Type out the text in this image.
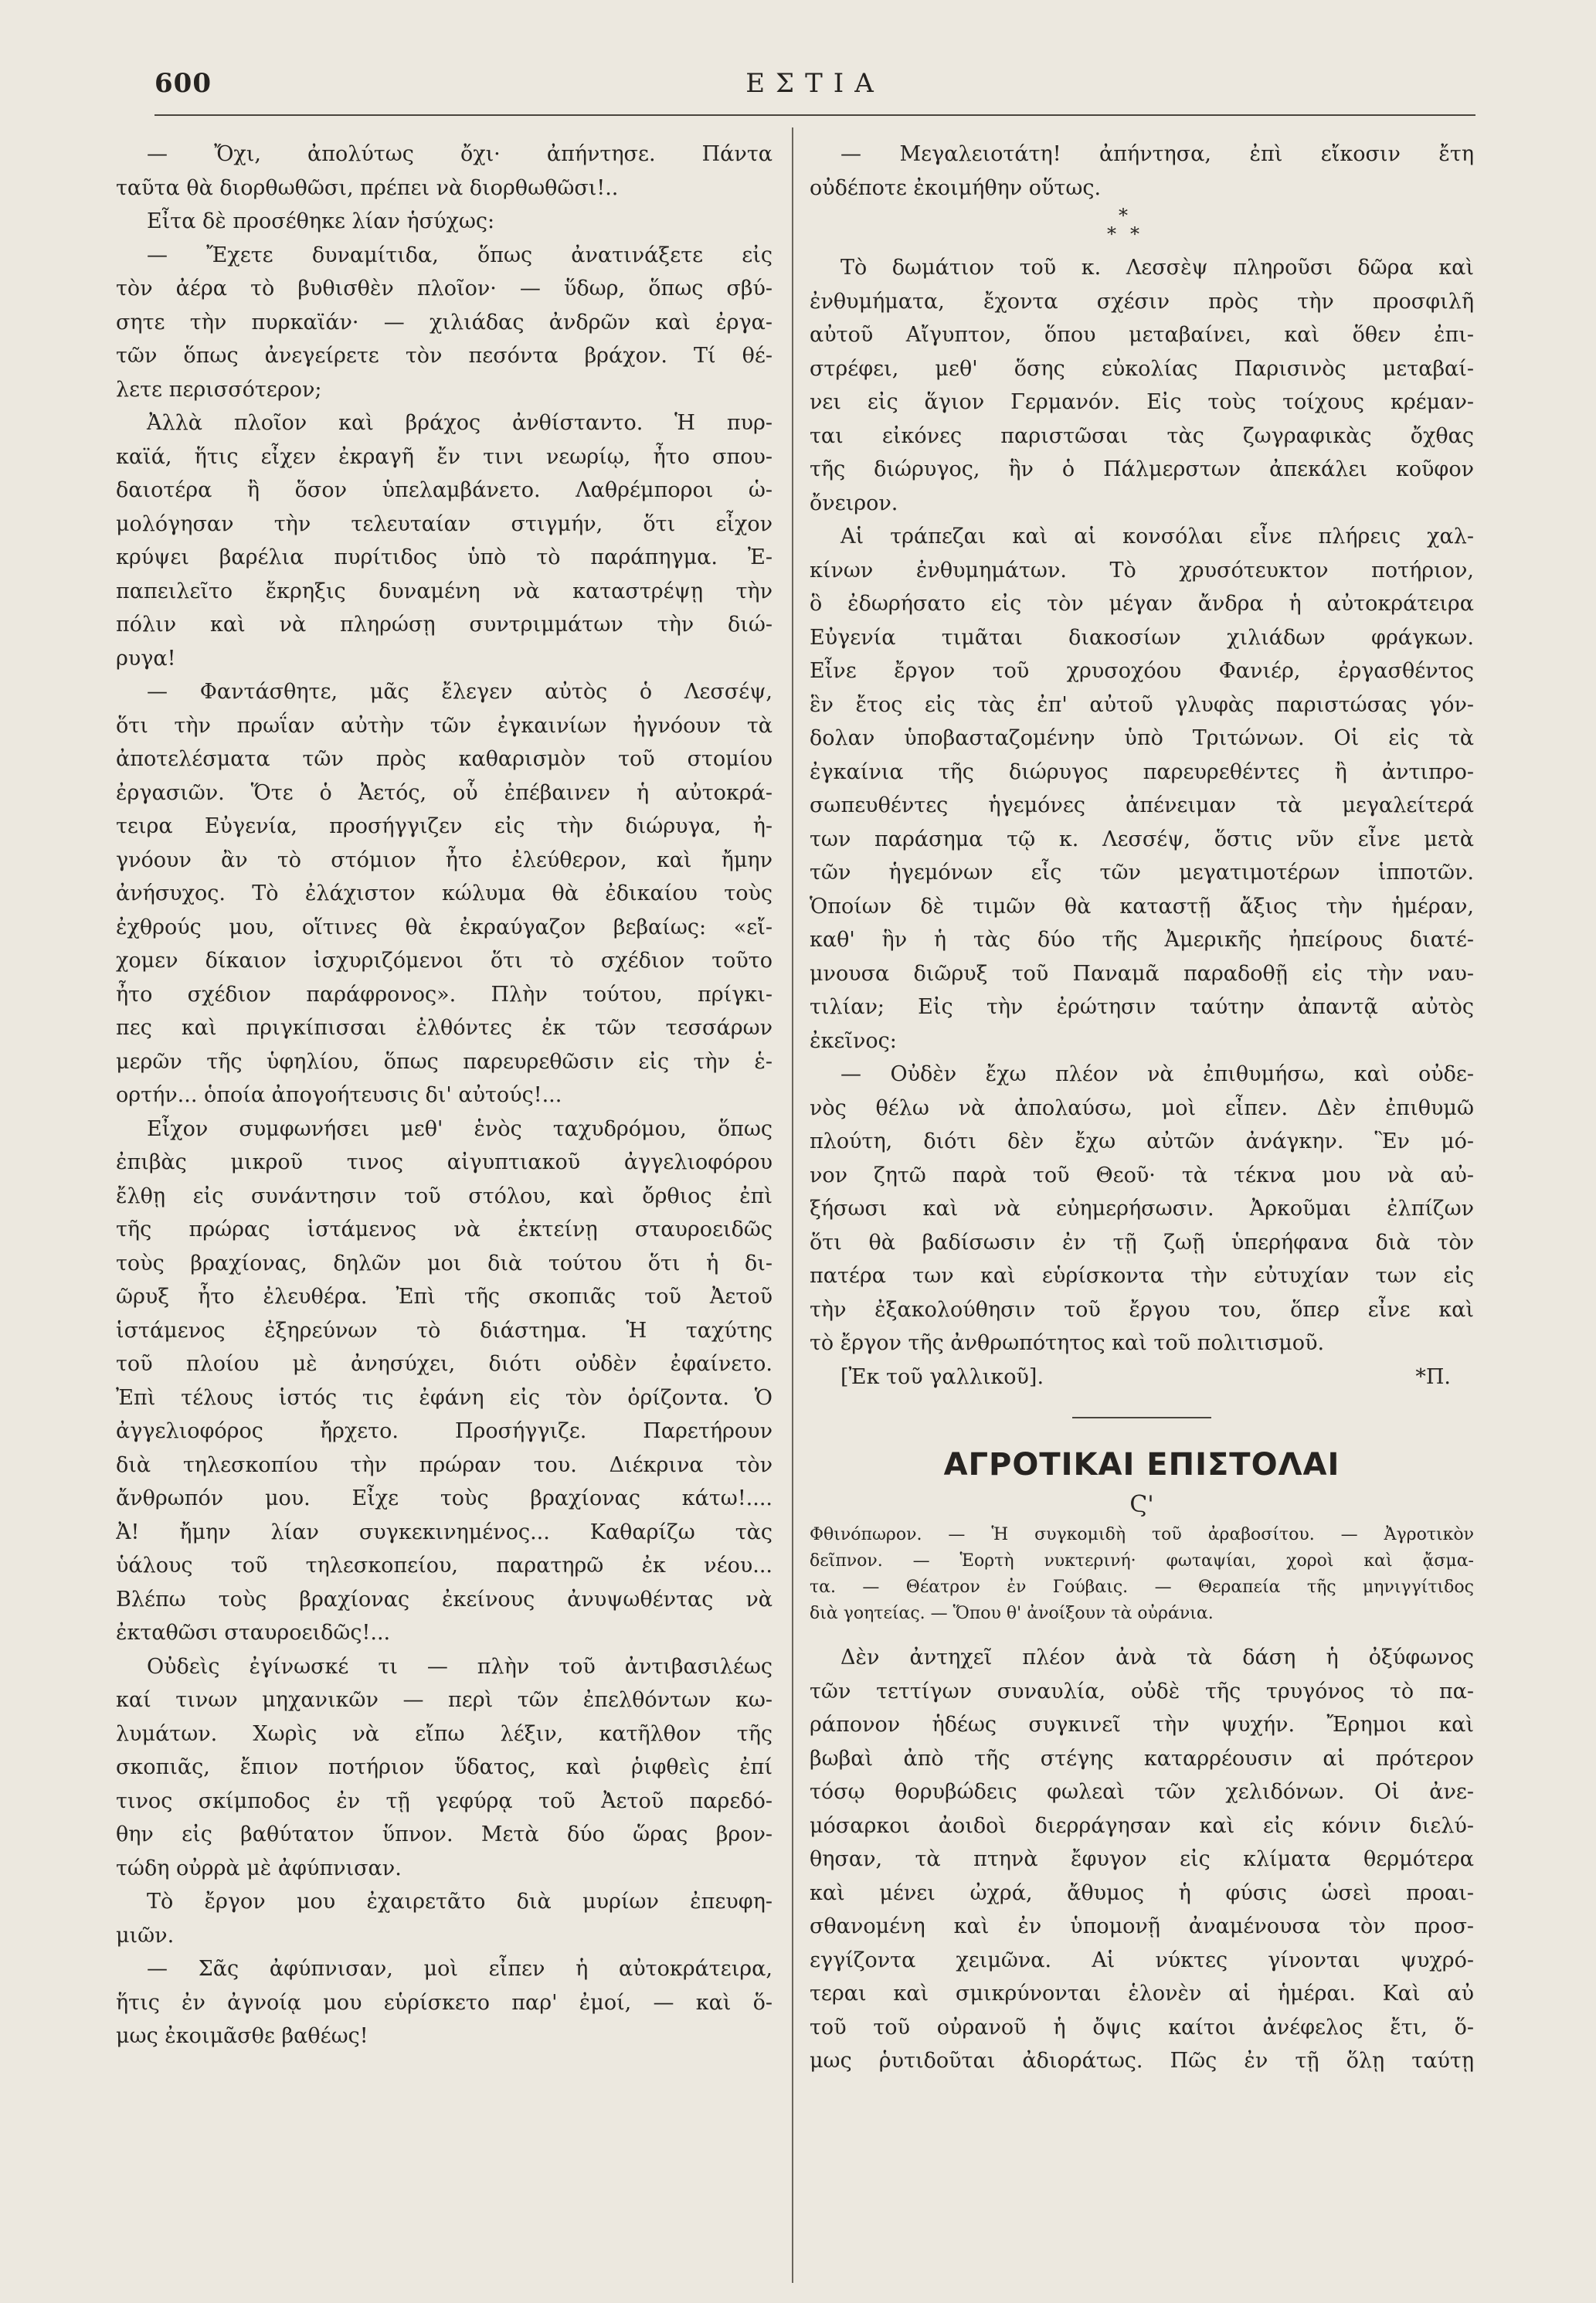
600	ΕΣΤΙΑ
— Ὄχι, ἀπολύτως ὄχι· ἀπήντησε. Πάντα
ταῦτα θὰ διορθωθῶσι, πρέπει νὰ διορθωθῶσι!..
Εἶτα δὲ προσέθηκε λίαν ἡσύχως:
— Ἔχετε δυναμίτιδα, ὅπως ἀνατινάξετε εἰς
τὸν ἀέρα τὸ βυθισθὲν πλοῖον· — ὕδωρ, ὅπως σβύ-
σητε τὴν πυρκαϊάν· — χιλιάδας ἀνδρῶν καὶ ἐργα-
τῶν ὅπως ἀνεγείρετε τὸν πεσόντα βράχον. Τί θέ-
λετε περισσότερον;
Ἀλλὰ πλοῖον καὶ βράχος ἀνθίσταντο. Ἡ πυρ-
καϊά, ἥτις εἶχεν ἐκραγῆ ἔν τινι νεωρίῳ, ἦτο σπου-
δαιοτέρα ἢ ὅσον ὑπελαμβάνετο. Λαθρέμποροι ὡ-
μολόγησαν τὴν τελευταίαν στιγμήν, ὅτι εἶχον
κρύψει βαρέλια πυρίτιδος ὑπὸ τὸ παράπηγμα. Ἐ-
παπειλεῖτο ἔκρηξις δυναμένη νὰ καταστρέψῃ τὴν
πόλιν καὶ νὰ πληρώσῃ συντριμμάτων τὴν διώ-
ρυγα!
— Φαντάσθητε, μᾶς ἔλεγεν αὐτὸς ὁ Λεσσέψ,
ὅτι τὴν πρωΐαν αὐτὴν τῶν ἐγκαινίων ἠγνόουν τὰ
ἀποτελέσματα τῶν πρὸς καθαρισμὸν τοῦ στομίου
ἐργασιῶν. Ὅτε ὁ Ἀετός, οὗ ἐπέβαινεν ἡ αὐτοκρά-
τειρα Εὐγενία, προσήγγιζεν εἰς τὴν διώρυγα, ἠ-
γνόουν ἂν τὸ στόμιον ἦτο ἐλεύθερον, καὶ ἤμην
ἀνήσυχος. Τὸ ἐλάχιστον κώλυμα θὰ ἐδικαίου τοὺς
ἐχθρούς μου, οἵτινες θὰ ἐκραύγαζον βεβαίως: «εἴ-
χομεν δίκαιον ἰσχυριζόμενοι ὅτι τὸ σχέδιον τοῦτο
ἦτο σχέδιον παράφρονος». Πλὴν τούτου, πρίγκι-
πες καὶ πριγκίπισσαι ἐλθόντες ἐκ τῶν τεσσάρων
μερῶν τῆς ὑφηλίου, ὅπως παρευρεθῶσιν εἰς τὴν ἑ-
ορτήν... ὁποία ἀπογοήτευσις δι' αὐτούς!...
Εἶχον συμφωνήσει μεθ' ἑνὸς ταχυδρόμου, ὅπως
ἐπιβὰς μικροῦ τινος αἰγυπτιακοῦ ἀγγελιοφόρου
ἔλθῃ εἰς συνάντησιν τοῦ στόλου, καὶ ὄρθιος ἐπὶ
τῆς πρώρας ἱστάμενος νὰ ἐκτείνῃ σταυροειδῶς
τοὺς βραχίονας, δηλῶν μοι διὰ τούτου ὅτι ἡ δι-
ῶρυξ ἦτο ἐλευθέρα. Ἐπὶ τῆς σκοπιᾶς τοῦ Ἀετοῦ
ἱστάμενος ἐξηρεύνων τὸ διάστημα. Ἡ ταχύτης
τοῦ πλοίου μὲ ἀνησύχει, διότι οὐδὲν ἐφαίνετο.
Ἐπὶ τέλους ἱστός τις ἐφάνη εἰς τὸν ὁρίζοντα. Ὁ
ἀγγελιοφόρος ἤρχετο. Προσήγγιζε. Παρετήρουν
διὰ τηλεσκοπίου τὴν πρώραν του. Διέκρινα τὸν
ἄνθρωπόν μου. Εἶχε τοὺς βραχίονας κάτω!....
Ἀ! ἤμην λίαν συγκεκινημένος... Καθαρίζω τὰς
ὑάλους τοῦ τηλεσκοπείου, παρατηρῶ ἐκ νέου...
Βλέπω τοὺς βραχίονας ἐκείνους ἀνυψωθέντας νὰ
ἐκταθῶσι σταυροειδῶς!...
Οὐδεὶς ἐγίνωσκέ τι — πλὴν τοῦ ἀντιβασιλέως
καί τινων μηχανικῶν — περὶ τῶν ἐπελθόντων κω-
λυμάτων. Χωρὶς νὰ εἴπω λέξιν, κατῆλθον τῆς
σκοπιᾶς, ἔπιον ποτήριον ὕδατος, καὶ ῥιφθεὶς ἐπί
τινος σκίμποδος ἐν τῇ γεφύρᾳ τοῦ Ἀετοῦ παρεδό-
θην εἰς βαθύτατον ὕπνον. Μετὰ δύο ὥρας βρον-
τώδη οὐρρὰ μὲ ἀφύπνισαν.
Τὸ ἔργον μου ἐχαιρετᾶτο διὰ μυρίων ἐπευφη-
μιῶν.
— Σᾶς ἀφύπνισαν, μοὶ εἶπεν ἡ αὐτοκράτειρα,
ἥτις ἐν ἀγνοίᾳ μου εὑρίσκετο παρ' ἐμοί, — καὶ ὅ-
μως ἐκοιμᾶσθε βαθέως!
— Μεγαλειοτάτη! ἀπήντησα, ἐπὶ εἴκοσιν ἔτη
οὐδέποτε ἐκοιμήθην οὕτως.
*
* *
Τὸ δωμάτιον τοῦ κ. Λεσσὲψ πληροῦσι δῶρα καὶ
ἐνθυμήματα, ἔχοντα σχέσιν πρὸς τὴν προσφιλῆ
αὐτοῦ Αἴγυπτον, ὅπου μεταβαίνει, καὶ ὅθεν ἐπι-
στρέφει, μεθ' ὅσης εὐκολίας Παρισινὸς μεταβαί-
νει εἰς ἅγιον Γερμανόν. Εἰς τοὺς τοίχους κρέμαν-
ται εἰκόνες παριστῶσαι τὰς ζωγραφικὰς ὄχθας
τῆς διώρυγος, ἣν ὁ Πάλμερστων ἀπεκάλει κοῦφον
ὄνειρον.
Αἱ τράπεζαι καὶ αἱ κονσόλαι εἶνε πλήρεις χαλ-
κίνων ἐνθυμημάτων. Τὸ χρυσότευκτον ποτήριον,
ὃ ἐδωρήσατο εἰς τὸν μέγαν ἄνδρα ἡ αὐτοκράτειρα
Εὐγενία τιμᾶται διακοσίων χιλιάδων φράγκων.
Εἶνε ἔργον τοῦ χρυσοχόου Φανιέρ, ἐργασθέντος
ἓν ἔτος εἰς τὰς ἐπ' αὐτοῦ γλυφὰς παριστώσας γόν-
δολαν ὑποβασταζομένην ὑπὸ Τριτώνων. Οἱ εἰς τὰ
ἐγκαίνια τῆς διώρυγος παρευρεθέντες ἢ ἀντιπρο-
σωπευθέντες ἡγεμόνες ἀπένειμαν τὰ μεγαλείτερά
των παράσημα τῷ κ. Λεσσέψ, ὅστις νῦν εἶνε μετὰ
τῶν ἡγεμόνων εἷς τῶν μεγατιμοτέρων ἱπποτῶν.
Ὁποίων δὲ τιμῶν θὰ καταστῇ ἄξιος τὴν ἡμέραν,
καθ' ἣν ἡ τὰς δύο τῆς Ἀμερικῆς ἠπείρους διατέ-
μνουσα διῶρυξ τοῦ Παναμᾶ παραδοθῇ εἰς τὴν ναυ-
τιλίαν; Εἰς τὴν ἐρώτησιν ταύτην ἀπαντᾷ αὐτὸς
ἐκεῖνος:
— Οὐδὲν ἔχω πλέον νὰ ἐπιθυμήσω, καὶ οὐδε-
νὸς θέλω νὰ ἀπολαύσω, μοὶ εἶπεν. Δὲν ἐπιθυμῶ
πλούτη, διότι δὲν ἔχω αὐτῶν ἀνάγκην. Ἓν μό-
νον ζητῶ παρὰ τοῦ Θεοῦ· τὰ τέκνα μου νὰ αὐ-
ξήσωσι καὶ νὰ εὐημερήσωσιν. Ἀρκοῦμαι ἐλπίζων
ὅτι θὰ βαδίσωσιν ἐν τῇ ζωῇ ὑπερήφανα διὰ τὸν
πατέρα των καὶ εὑρίσκοντα τὴν εὐτυχίαν των εἰς
τὴν ἐξακολούθησιν τοῦ ἔργου του, ὅπερ εἶνε καὶ
τὸ ἔργον τῆς ἀνθρωπότητος καὶ τοῦ πολιτισμοῦ.
[Ἐκ τοῦ γαλλικοῦ].	*Π.
ΑΓΡΟΤΙΚΑΙ ΕΠΙΣΤΟΛΑΙ
Ϛ'
Φθινόπωρον. — Ἡ συγκομιδὴ τοῦ ἀραβοσίτου. — Ἀγροτικὸν
δεῖπνον. — Ἑορτὴ νυκτερινή· φωταψίαι, χοροὶ καὶ ᾄσμα-
τα. — Θέατρον ἐν Γούβαις. — Θεραπεία τῆς μηνιγγίτιδος
διὰ γοητείας. — Ὅπου θ' ἀνοίξουν τὰ οὐράνια.
Δὲν ἀντηχεῖ πλέον ἀνὰ τὰ δάση ἡ ὀξύφωνος
τῶν τεττίγων συναυλία, οὐδὲ τῆς τρυγόνος τὸ πα-
ράπονον ἡδέως συγκινεῖ τὴν ψυχήν. Ἔρημοι καὶ
βωβαὶ ἀπὸ τῆς στέγης καταρρέουσιν αἱ πρότερον
τόσῳ θορυβώδεις φωλεαὶ τῶν χελιδόνων. Οἱ ἀνε-
μόσαρκοι ἀοιδοὶ διερράγησαν καὶ εἰς κόνιν διελύ-
θησαν, τὰ πτηνὰ ἔφυγον εἰς κλίματα θερμότερα
καὶ μένει ὠχρά, ἄθυμος ἡ φύσις ὡσεὶ προαι-
σθανομένη καὶ ἐν ὑπομονῇ ἀναμένουσα τὸν προσ-
εγγίζοντα χειμῶνα. Αἱ νύκτες γίνονται ψυχρό-
τεραι καὶ σμικρύνονται ἑλονὲν αἱ ἡμέραι. Καὶ αὐ
τοῦ τοῦ οὐρανοῦ ἡ ὄψις καίτοι ἀνέφελος ἔτι, ὅ-
μως ῥυτιδοῦται ἀδιοράτως. Πῶς ἐν τῇ ὅλῃ ταύτῃ
